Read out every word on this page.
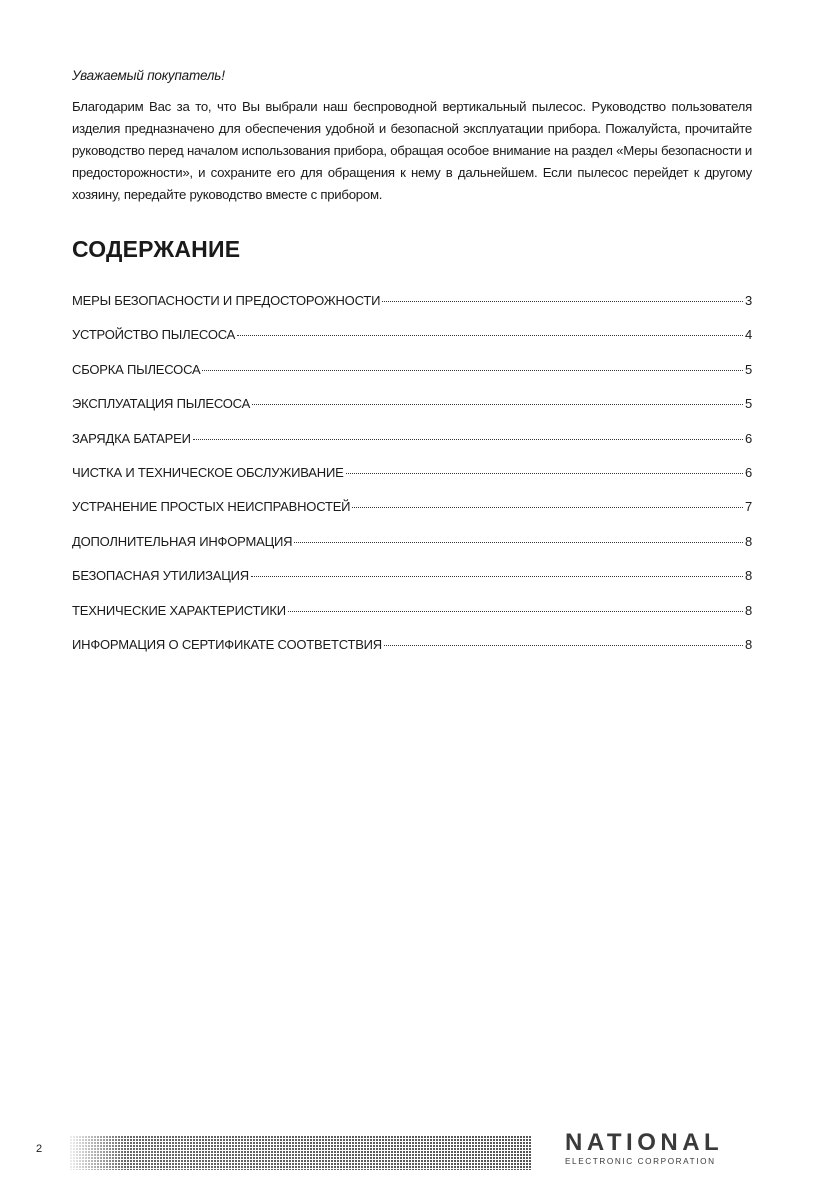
Уважаемый покупатель!

Благодарим Вас за то, что Вы выбрали наш беспроводной вертикальный пылесос. Руководство пользователя изделия предназначено для обеспечения удобной и безопасной эксплуатации прибора. Пожалуйста, прочитайте руководство перед началом использования прибора, обращая особое внимание на раздел «Меры безопасности и предосторожности», и сохраните его для обращения к нему в дальнейшем. Если пылесос перейдет к другому хозяину, передайте руководство вместе с прибором.

СОДЕРЖАНИЕ
МЕРЫ БЕЗОПАСНОСТИ И ПРЕДОСТОРОЖНОСТИ	3
УСТРОЙСТВО ПЫЛЕСОСА	4
СБОРКА ПЫЛЕСОСА	5
ЭКСПЛУАТАЦИЯ ПЫЛЕСОСА	5
ЗАРЯДКА БАТАРЕИ	6
ЧИСТКА И ТЕХНИЧЕСКОЕ ОБСЛУЖИВАНИЕ	6
УСТРАНЕНИЕ ПРОСТЫХ НЕИСПРАВНОСТЕЙ	7
ДОПОЛНИТЕЛЬНАЯ ИНФОРМАЦИЯ	8
БЕЗОПАСНАЯ УТИЛИЗАЦИЯ	8
ТЕХНИЧЕСКИЕ ХАРАКТЕРИСТИКИ	8
ИНФОРМАЦИЯ О СЕРТИФИКАТЕ СООТВЕТСТВИЯ	8
2	NATIONAL
ELECTRONIC CORPORATION
